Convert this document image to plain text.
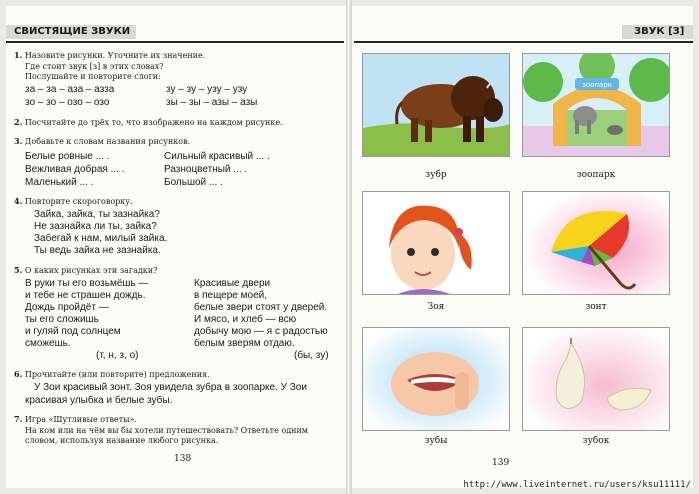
СВИСТЯЩИЕ ЗВУКИ
1. Назовите рисунки. Уточните их значение.
Где стоит звук [з] в этих словах?
Послушайте и повторите слоги:
за – за – аза – азза	зу – зу – узу – узу
зо – зо – озо – озо	зы – зы – азы – азы
2. Посчитайте до трёх то, что изображено на каждом рисунке.
3. Добавьте к словам названия рисунков.
Белые ровные ... .	Сильный красивый ... .
Вежливая добрая ... .	Разноцветный ... .
Маленький ... .	Большой ... .
4. Повторите скороговорку.
Зайка, зайка, ты зазнайка?
Не зазнайка ли ты, зайка?
Забегай к нам, милый зайка.
Ты ведь зайка не зазнайка.
5. О каких рисунках эти загадки?
В руки ты его возьмёшь —
и тебе не страшен дождь.
Дождь пройдёт —
ты его сложишь
и гуляй под солнцем
сможешь.
(т, н, з, о)
Красивые двери
в пещере моей,
белые звери стоят у дверей.
И мясо, и хлеб — всю
добычу мою — я с радостью
белым зверям отдаю.
(бы, зу)
6. Прочитайте (или повторите) предложения.
У Зои красивый зонт. Зоя увидела зубра в зоопарке. У Зои
красивая улыбка и белые зубы.
7. Игра «Шутливые ответы».
На ком или на чём вы бы хотели путешествовать? Ответьте одним
словом, используя название любого рисунка.
138
ЗВУК [З]
зубр
зоопарк
зоопарк
Зоя	зонт
зубы	зубок
139
http://www.liveinternet.ru/users/ksu11111/
